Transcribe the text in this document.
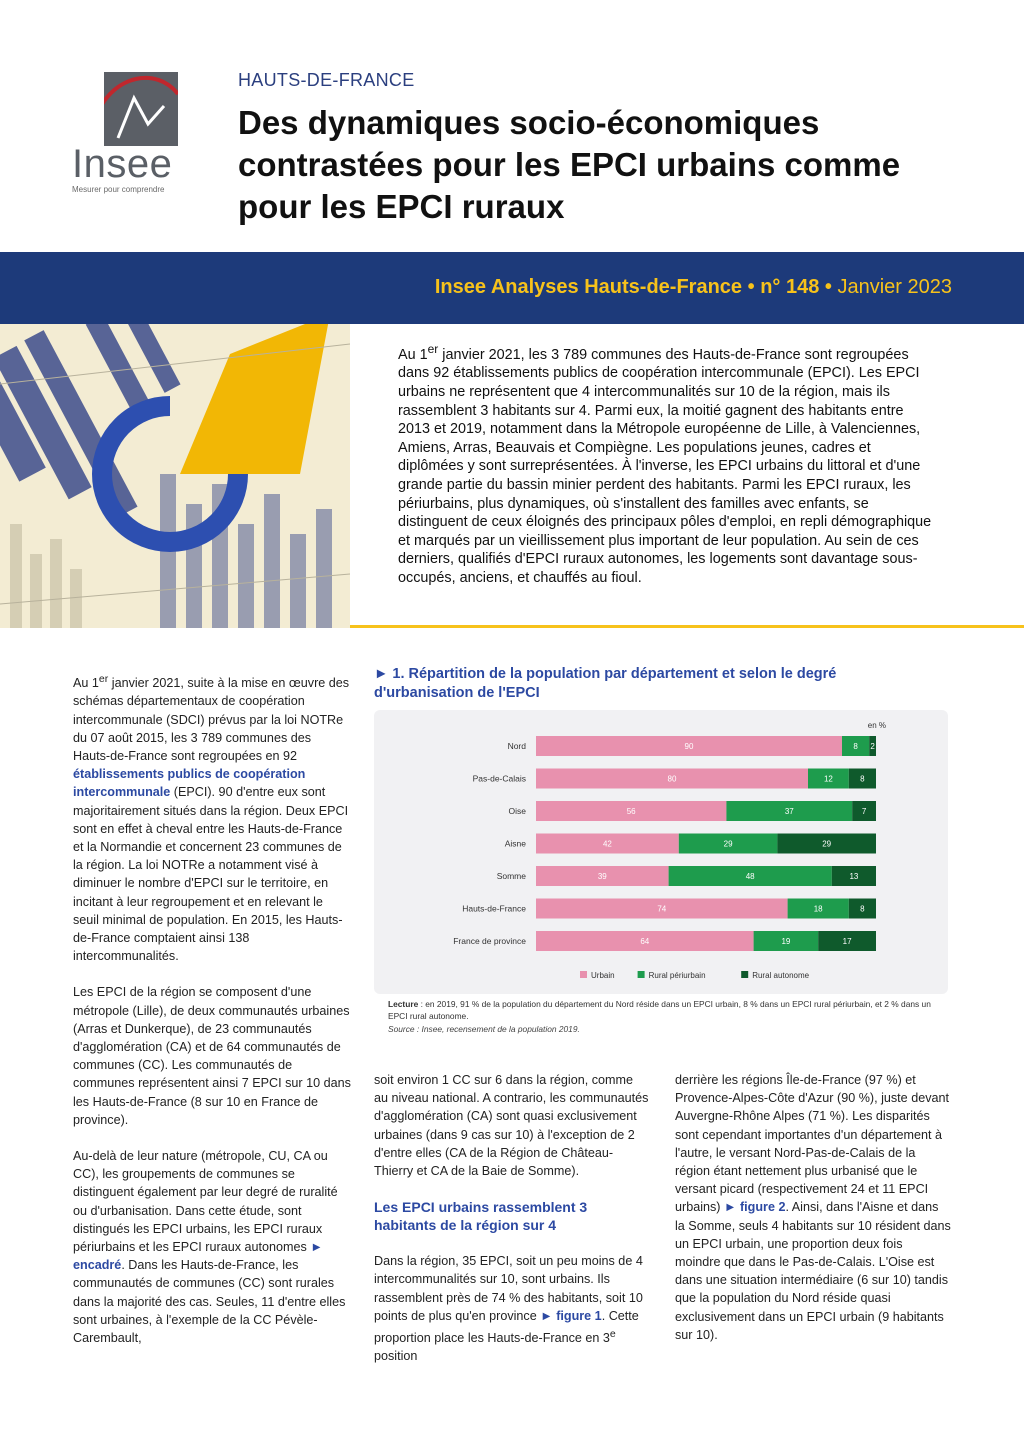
Insee
Mesurer pour comprendre
HAUTS-DE-FRANCE
Des dynamiques socio-économiques contrastées pour les EPCI urbains comme pour les EPCI ruraux
Insee Analyses Hauts-de-France • n° 148 • Janvier 2023

Au 1er janvier 2021, les 3 789 communes des Hauts-de-France sont regroupées dans 92 établissements publics de coopération intercommunale (EPCI). Les EPCI urbains ne représentent que 4 intercommunalités sur 10 de la région, mais ils rassemblent 3 habitants sur 4. Parmi eux, la moitié gagnent des habitants entre 2013 et 2019, notamment dans la Métropole européenne de Lille, à Valenciennes, Amiens, Arras, Beauvais et Compiègne. Les populations jeunes, cadres et diplômées y sont surreprésentées. À l'inverse, les EPCI urbains du littoral et d'une grande partie du bassin minier perdent des habitants. Parmi les EPCI ruraux, les périurbains, plus dynamiques, où s'installent des familles avec enfants, se distinguent de ceux éloignés des principaux pôles d'emploi, en repli démographique et marqués par un vieillissement plus important de leur population. Au sein de ces derniers, qualifiés d'EPCI ruraux autonomes, les logements sont davantage sous-occupés, anciens, et chauffés au fioul.

Au 1er janvier 2021, suite à la mise en œuvre des schémas départementaux de coopération intercommunale (SDCI) prévus par la loi NOTRe du 07 août 2015, les 3 789 communes des Hauts-de-France sont regroupées en 92 établissements publics de coopération intercommunale (EPCI). 90 d'entre eux sont majoritairement situés dans la région. Deux EPCI sont en effet à cheval entre les Hauts-de-France et la Normandie et concernent 23 communes de la région. La loi NOTRe a notamment visé à diminuer le nombre d'EPCI sur le territoire, en incitant à leur regroupement et en relevant le seuil minimal de population. En 2015, les Hauts-de-France comptaient ainsi 138 intercommunalités.

Les EPCI de la région se composent d'une métropole (Lille), de deux communautés urbaines (Arras et Dunkerque), de 23 communautés d'agglomération (CA) et de 64 communautés de communes (CC). Les communautés de communes représentent ainsi 7 EPCI sur 10 dans les Hauts-de-France (8 sur 10 en France de province).

Au-delà de leur nature (métropole, CU, CA ou CC), les groupements de communes se distinguent également par leur degré de ruralité ou d'urbanisation. Dans cette étude, sont distingués les EPCI urbains, les EPCI ruraux périurbains et les EPCI ruraux autonomes ► encadré. Dans les Hauts-de-France, les communautés de communes (CC) sont rurales dans la majorité des cas. Seules, 11 d'entre elles sont urbaines, à l'exemple de la CC Pévèle-Carembault,

► 1. Répartition de la population par département et selon le degré d'urbanisation de l'EPCI

en %
Nord	90	8 2
Pas-de-Calais	80	12	8
Oise	56	37	7
Aisne	42	29	29
Somme	39	48	13
Hauts-de-France	74	18	8
France de province	64	19	17
Urbain	Rural périurbain	Rural autonome

Lecture : en 2019, 91 % de la population du département du Nord réside dans un EPCI urbain, 8 % dans un EPCI rural périurbain, et 2 % dans un EPCI rural autonome.

Source : Insee, recensement de la population 2019.

soit environ 1 CC sur 6 dans la région, comme au niveau national. A contrario, les communautés d'agglomération (CA) sont quasi exclusivement urbaines (dans 9 cas sur 10) à l'exception de 2 d'entre elles (CA de la Région de Château-Thierry et CA de la Baie de Somme).

Les EPCI urbains rassemblent 3 habitants de la région sur 4

Dans la région, 35 EPCI, soit un peu moins de 4 intercommunalités sur 10, sont urbains. Ils rassemblent près de 74 % des habitants, soit 10 points de plus qu'en province ► figure 1. Cette proportion place les Hauts-de-France en 3e position

derrière les régions Île-de-France (97 %) et Provence-Alpes-Côte d'Azur (90 %), juste devant Auvergne-Rhône Alpes (71 %). Les disparités sont cependant importantes d'un département à l'autre, le versant Nord-Pas-de-Calais de la région étant nettement plus urbanisé que le versant picard (respectivement 24 et 11 EPCI urbains) ► figure 2. Ainsi, dans l'Aisne et dans la Somme, seuls 4 habitants sur 10 résident dans un EPCI urbain, une proportion deux fois moindre que dans le Pas-de-Calais. L'Oise est dans une situation intermédiaire (6 sur 10) tandis que la population du Nord réside quasi exclusivement dans un EPCI urbain (9 habitants sur 10).
